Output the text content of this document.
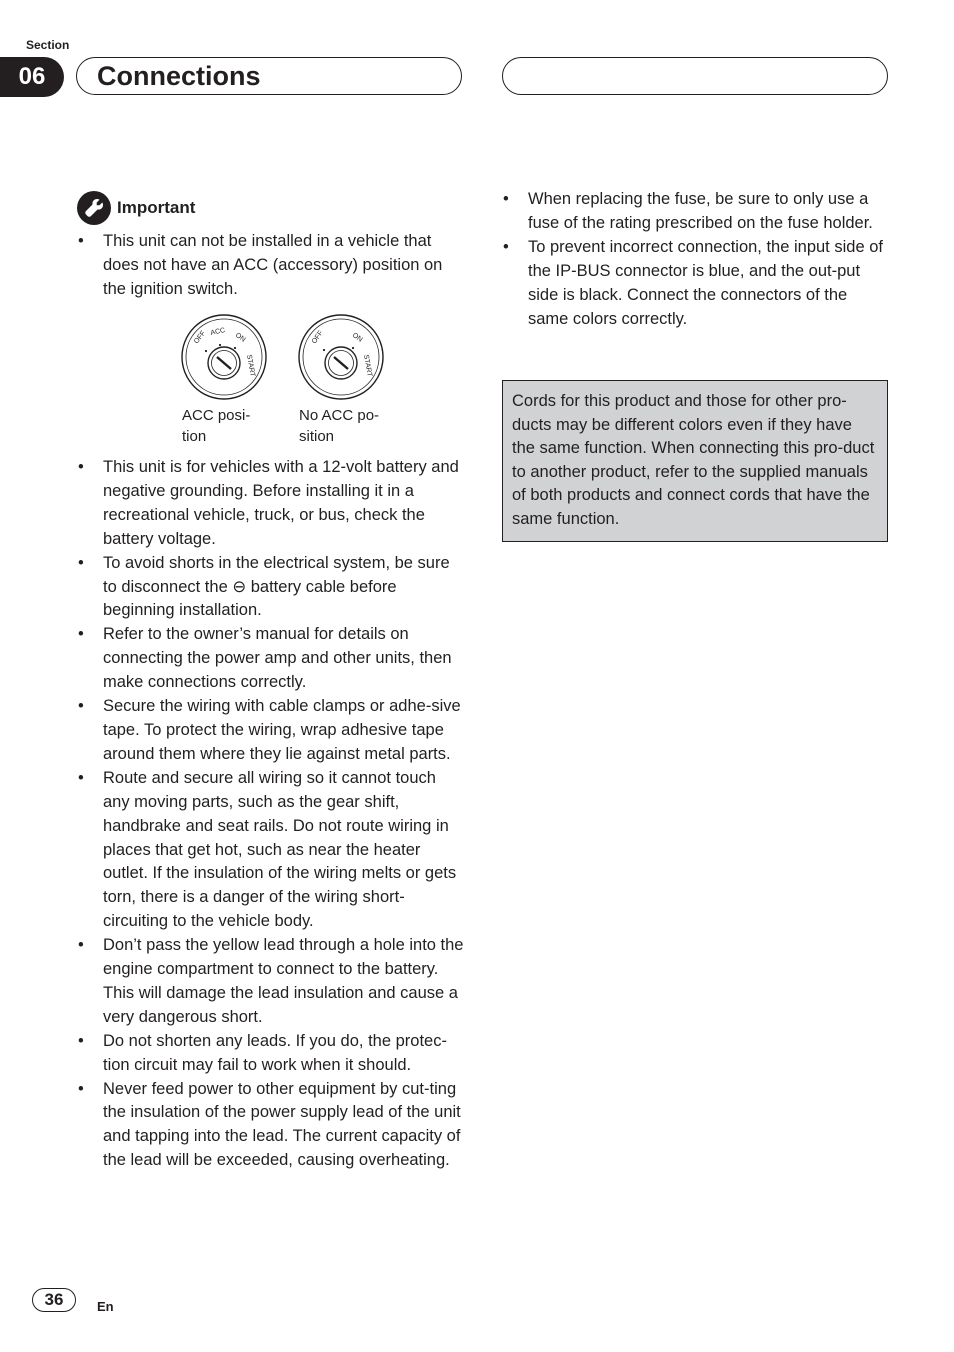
Section
06	Connections
Important
• This unit can not be installed in a vehicle that does not have an ACC (accessory) position on the ignition switch.
OFF ACC ON
START
ACC posi-
tion
OFF	ON
START
No ACC po-
sition
• This unit is for vehicles with a 12-volt battery and negative grounding. Before installing it in a recreational vehicle, truck, or bus, check the battery voltage.
• To avoid shorts in the electrical system, be sure to disconnect the ⊖ battery cable before beginning installation.
• Refer to the owner’s manual for details on connecting the power amp and other units, then make connections correctly.
• Secure the wiring with cable clamps or adhe-sive tape. To protect the wiring, wrap adhesive tape around them where they lie against metal parts.
• Route and secure all wiring so it cannot touch any moving parts, such as the gear shift, handbrake and seat rails. Do not route wiring in places that get hot, such as near the heater outlet. If the insulation of the wiring melts or gets torn, there is a danger of the wiring short-circuiting to the vehicle body.
• Don’t pass the yellow lead through a hole into the engine compartment to connect to the battery. This will damage the lead insulation and cause a very dangerous short.
• Do not shorten any leads. If you do, the protec-tion circuit may fail to work when it should.
• Never feed power to other equipment by cut-ting the insulation of the power supply lead of the unit and tapping into the lead. The current capacity of the lead will be exceeded, causing overheating.
• When replacing the fuse, be sure to only use a fuse of the rating prescribed on the fuse holder.
• To prevent incorrect connection, the input side of the IP-BUS connector is blue, and the out-put side is black. Connect the connectors of the same colors correctly.

Cords for this product and those for other pro-ducts may be different colors even if they have the same function. When connecting this pro-duct to another product, refer to the supplied manuals of both products and connect cords that have the same function.

36	En
